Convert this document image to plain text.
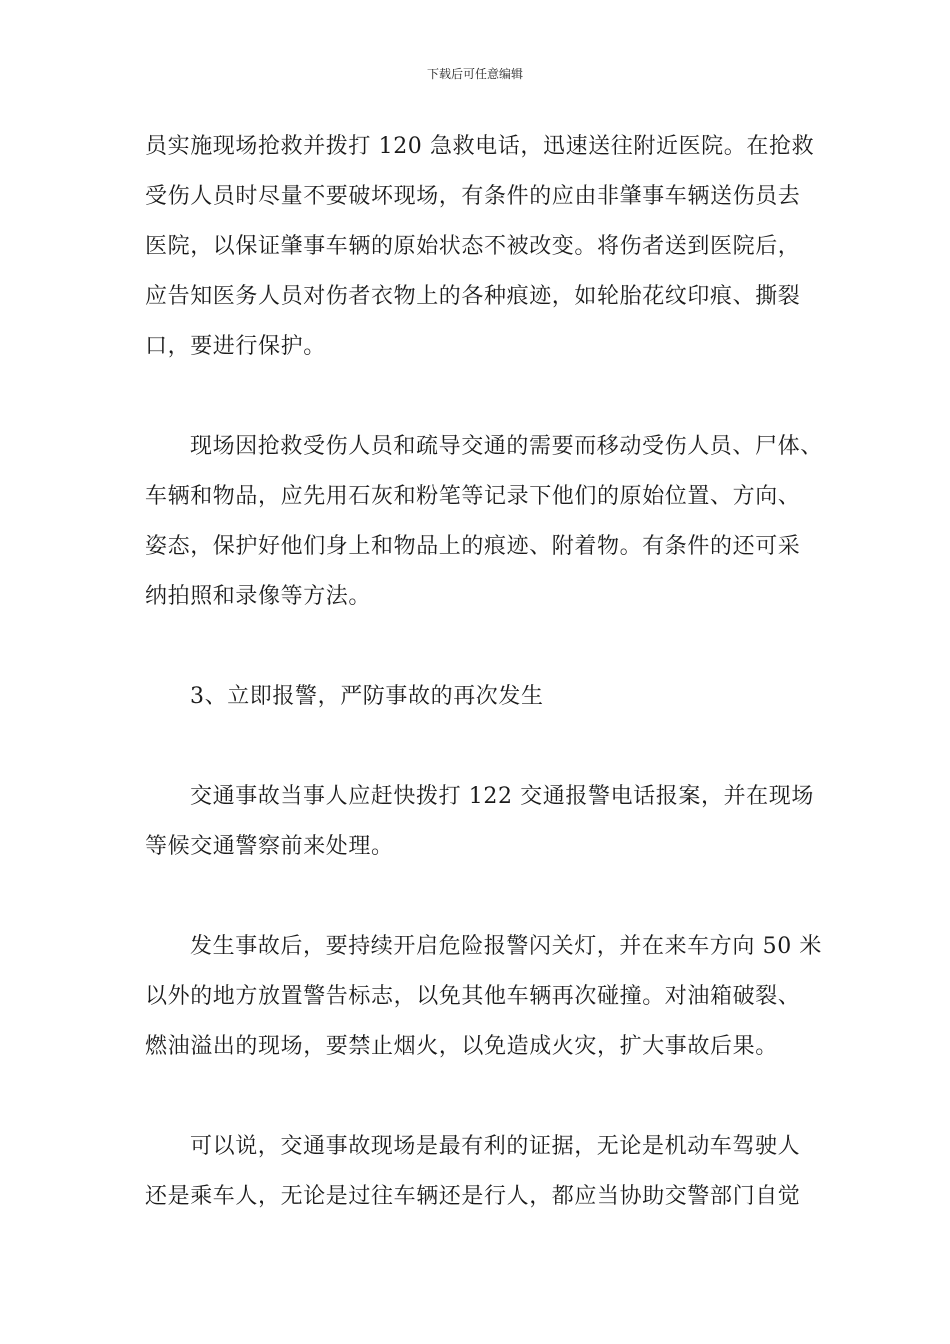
下载后可任意编辑
员实施现场抢救并拨打 120 急救电话，迅速送往附近医院。在抢救
受伤人员时尽量不要破坏现场，有条件的应由非肇事车辆送伤员去
医院，以保证肇事车辆的原始状态不被改变。将伤者送到医院后，
应告知医务人员对伤者衣物上的各种痕迹，如轮胎花纹印痕、撕裂
口，要进行保护。
现场因抢救受伤人员和疏导交通的需要而移动受伤人员、尸体、
车辆和物品，应先用石灰和粉笔等记录下他们的原始位置、方向、
姿态，保护好他们身上和物品上的痕迹、附着物。有条件的还可采
纳拍照和录像等方法。
3、立即报警，严防事故的再次发生
交通事故当事人应赶快拨打 122 交通报警电话报案，并在现场
等候交通警察前来处理。
发生事故后，要持续开启危险报警闪关灯，并在来车方向 50 米
以外的地方放置警告标志，以免其他车辆再次碰撞。对油箱破裂、
燃油溢出的现场，要禁止烟火，以免造成火灾，扩大事故后果。
可以说，交通事故现场是最有利的证据，无论是机动车驾驶人
还是乘车人，无论是过往车辆还是行人，都应当协助交警部门自觉
